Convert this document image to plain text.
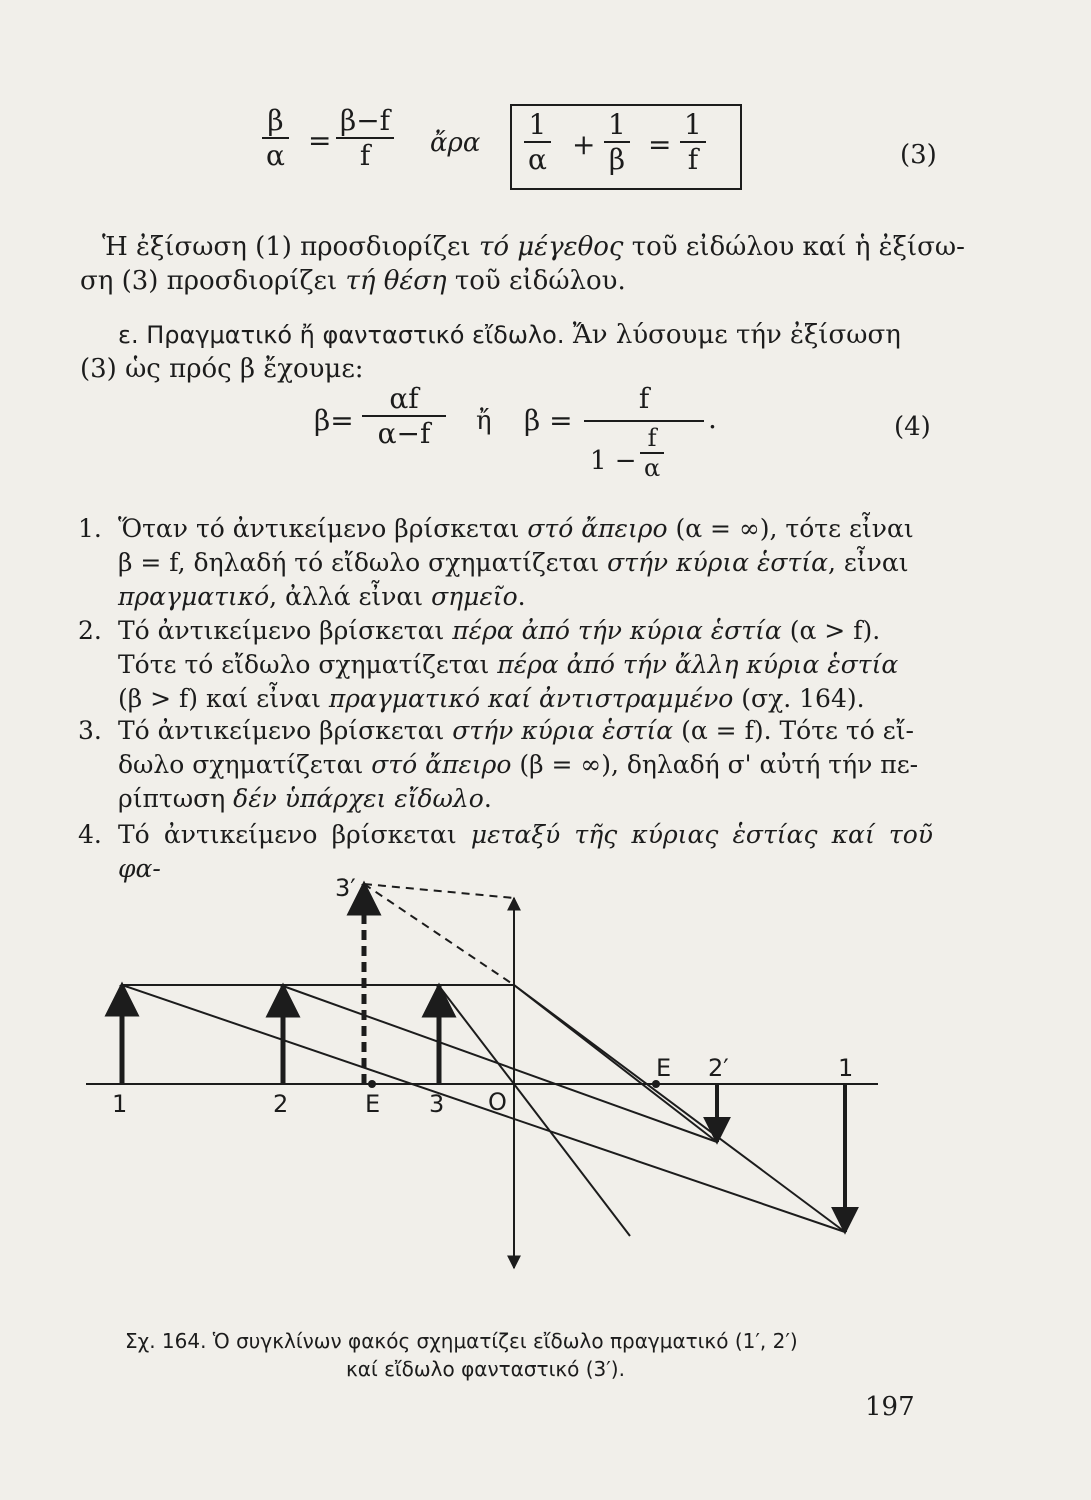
β
α =
β−f
f	ἄρα
1
α +
1
β =
1
f	(3)
Ἡ ἐξίσωση (1) προσδιορίζει τό μέγεθος τοῦ εἰδώλου καί ἡ ἐξίσω-
ση (3) προσδιορίζει τή θέση τοῦ εἰδώλου.
ε. Πραγματικό ἤ φανταστικό εἴδωλο. Ἄν λύσουμε τήν ἐξίσωση
(3) ὡς πρός β ἔχουμε:
β=
αf
α−f	ἤ β =
f
1 −
f
α
.	(4)
1. Ὅταν τό ἀντικείμενο βρίσκεται στό ἄπειρο (α = ∞), τότε εἶναι
β = f, δηλαδή τό εἴδωλο σχηματίζεται στήν κύρια ἑστία, εἶναι
πραγματικό, ἀλλά εἶναι σημεῖο.
2. Τό ἀντικείμενο βρίσκεται πέρα ἀπό τήν κύρια ἑστία (α > f).
Τότε τό εἴδωλο σχηματίζεται πέρα ἀπό τήν ἄλλη κύρια ἑστία
(β > f) καί εἶναι πραγματικό καί ἀντιστραμμένο (σχ. 164).
3. Τό ἀντικείμενο βρίσκεται στήν κύρια ἑστία (α = f). Τότε τό εἴ-
δωλο σχηματίζεται στό ἄπειρο (β = ∞), δηλαδή σ' αὐτή τήν πε-
ρίπτωση δέν ὑπάρχει εἴδωλο.
4. Τό ἀντικείμενο βρίσκεται μεταξύ τῆς κύριας ἑστίας καί τοῦ φα-
1	2	E 3 O
E 2′	1
3′
Σχ. 164. Ὁ συγκλίνων φακός σχηματίζει εἴδωλο πραγματικό (1′, 2′)
καί εἴδωλο φανταστικό (3′).
197
